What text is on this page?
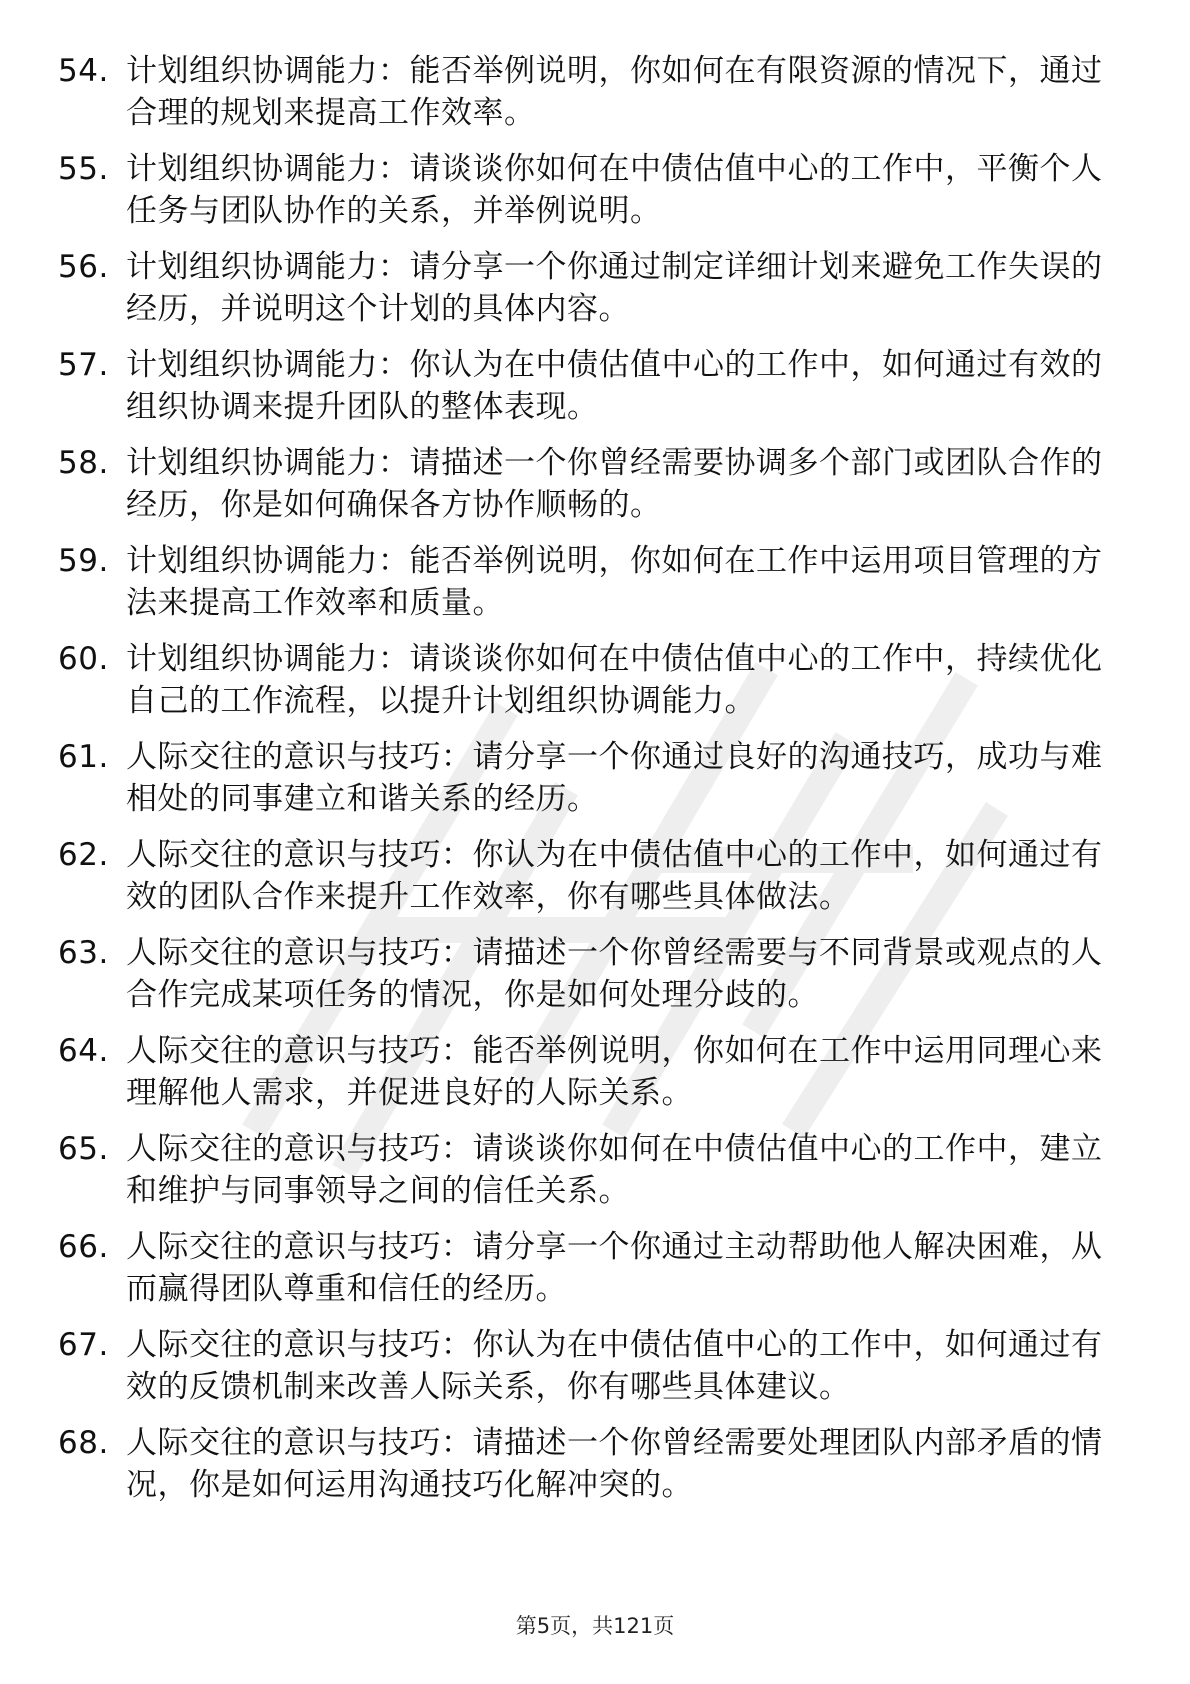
54. 计划组织协调能力：能否举例说明，你如何在有限资源的情况下，通过合理的规划来提高工作效率。
55. 计划组织协调能力：请谈谈你如何在中债估值中心的工作中，平衡个人任务与团队协作的关系，并举例说明。
56. 计划组织协调能力：请分享一个你通过制定详细计划来避免工作失误的经历，并说明这个计划的具体内容。
57. 计划组织协调能力：你认为在中债估值中心的工作中，如何通过有效的组织协调来提升团队的整体表现。
58. 计划组织协调能力：请描述一个你曾经需要协调多个部门或团队合作的经历，你是如何确保各方协作顺畅的。
59. 计划组织协调能力：能否举例说明，你如何在工作中运用项目管理的方法来提高工作效率和质量。
60. 计划组织协调能力：请谈谈你如何在中债估值中心的工作中，持续优化自己的工作流程，以提升计划组织协调能力。
61. 人际交往的意识与技巧：请分享一个你通过良好的沟通技巧，成功与难相处的同事建立和谐关系的经历。
62. 人际交往的意识与技巧：你认为在中债估值中心的工作中，如何通过有效的团队合作来提升工作效率，你有哪些具体做法。
63. 人际交往的意识与技巧：请描述一个你曾经需要与不同背景或观点的人合作完成某项任务的情况，你是如何处理分歧的。
64. 人际交往的意识与技巧：能否举例说明，你如何在工作中运用同理心来理解他人需求，并促进良好的人际关系。
65. 人际交往的意识与技巧：请谈谈你如何在中债估值中心的工作中，建立和维护与同事领导之间的信任关系。
66. 人际交往的意识与技巧：请分享一个你通过主动帮助他人解决困难，从而赢得团队尊重和信任的经历。
67. 人际交往的意识与技巧：你认为在中债估值中心的工作中，如何通过有效的反馈机制来改善人际关系，你有哪些具体建议。
68. 人际交往的意识与技巧：请描述一个你曾经需要处理团队内部矛盾的情况，你是如何运用沟通技巧化解冲突的。
第5页，共121页
